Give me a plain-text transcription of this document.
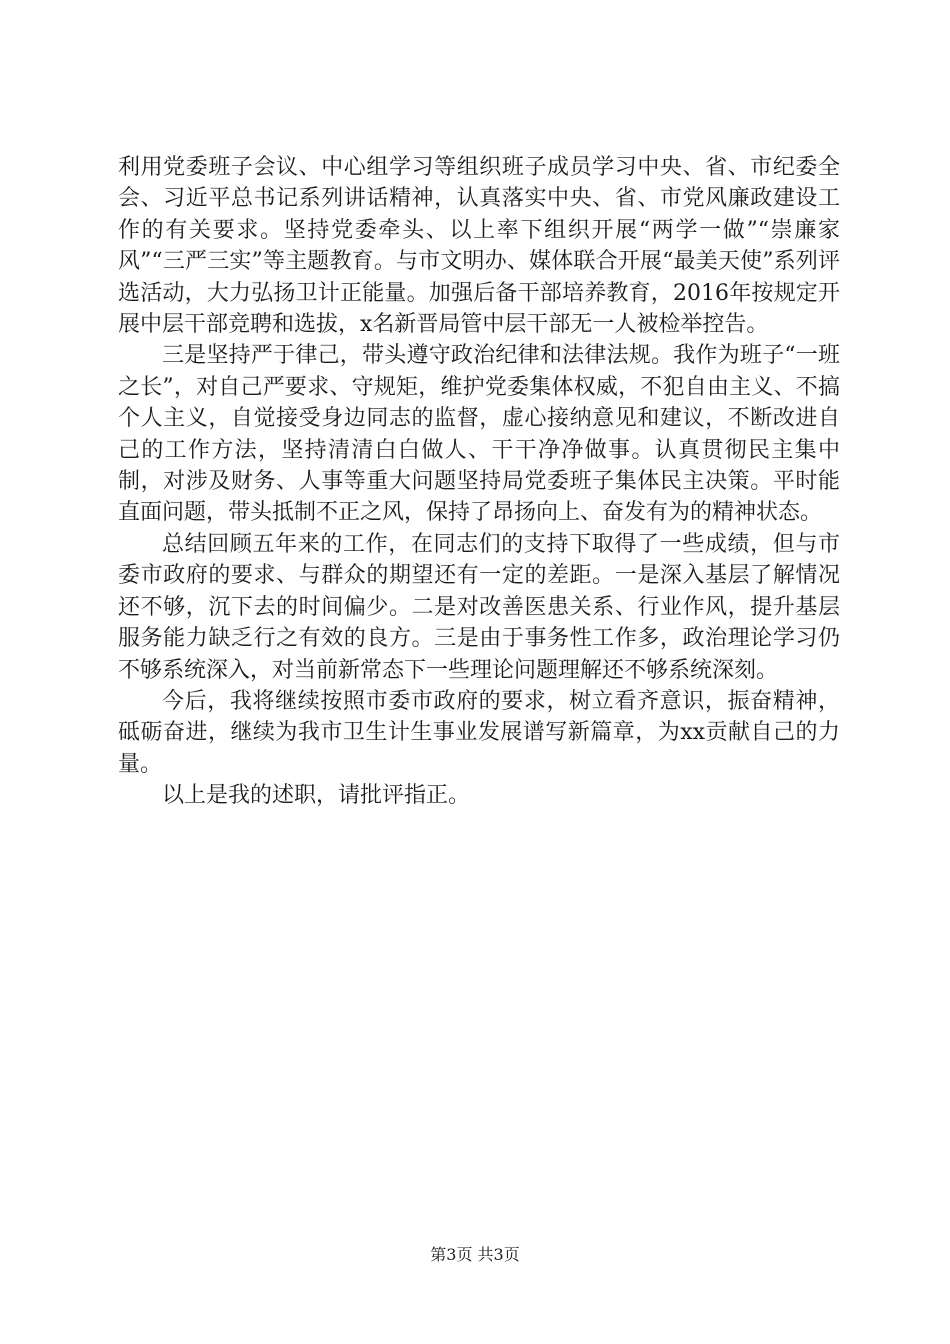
利用党委班子会议、中心组学习等组织班子成员学习中央、省、市纪委全会、习近平总书记系列讲话精神，认真落实中央、省、市党风廉政建设工作的有关要求。坚持党委牵头、以上率下组织开展“两学一做”“崇廉家风”“三严三实”等主题教育。与市文明办、媒体联合开展“最美天使”系列评选活动，大力弘扬卫计正能量。加强后备干部培养教育，2016年按规定开展中层干部竞聘和选拔，x名新晋局管中层干部无一人被检举控告。

三是坚持严于律己，带头遵守政治纪律和法律法规。我作为班子“一班之长”，对自己严要求、守规矩，维护党委集体权威，不犯自由主义、不搞个人主义，自觉接受身边同志的监督，虚心接纳意见和建议，不断改进自己的工作方法，坚持清清白白做人、干干净净做事。认真贯彻民主集中制，对涉及财务、人事等重大问题坚持局党委班子集体民主决策。平时能直面问题，带头抵制不正之风，保持了昂扬向上、奋发有为的精神状态。

总结回顾五年来的工作，在同志们的支持下取得了一些成绩，但与市委市政府的要求、与群众的期望还有一定的差距。一是深入基层了解情况还不够，沉下去的时间偏少。二是对改善医患关系、行业作风，提升基层服务能力缺乏行之有效的良方。三是由于事务性工作多，政治理论学习仍不够系统深入，对当前新常态下一些理论问题理解还不够系统深刻。

今后，我将继续按照市委市政府的要求，树立看齐意识，振奋精神，砥砺奋进，继续为我市卫生计生事业发展谱写新篇章，为xx贡献自己的力量。

以上是我的述职，请批评指正。

第3页 共3页
